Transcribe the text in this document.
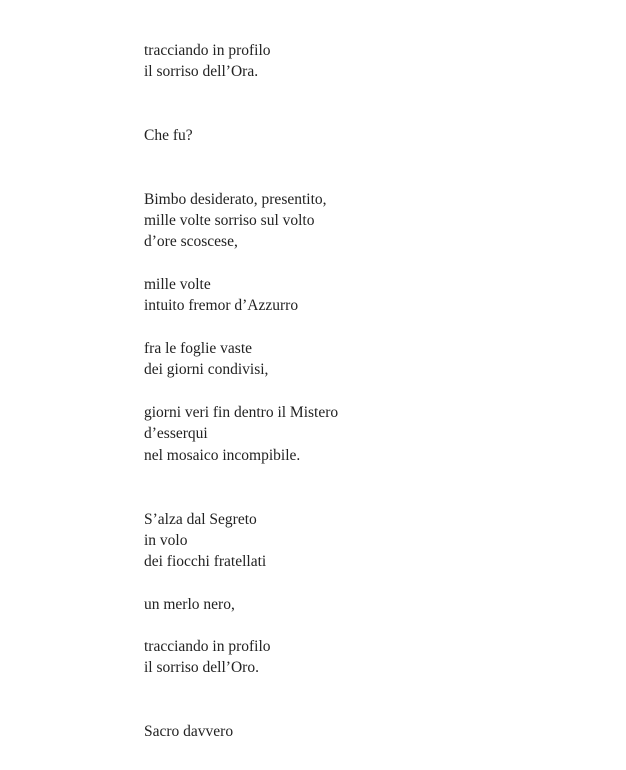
tracciando in profilo

il sorriso dell’Ora.

Che fu?

Bimbo desiderato, presentito,

mille volte sorriso sul volto

d’ore scoscese,

mille volte

intuito fremor d’Azzurro

fra le foglie vaste

dei giorni condivisi,

giorni veri fin dentro il Mistero

d’esserqui

nel mosaico incompibile.

S’alza dal Segreto

in volo

dei fiocchi fratellati

un merlo nero,

tracciando in profilo

il sorriso dell’Oro.

Sacro davvero
